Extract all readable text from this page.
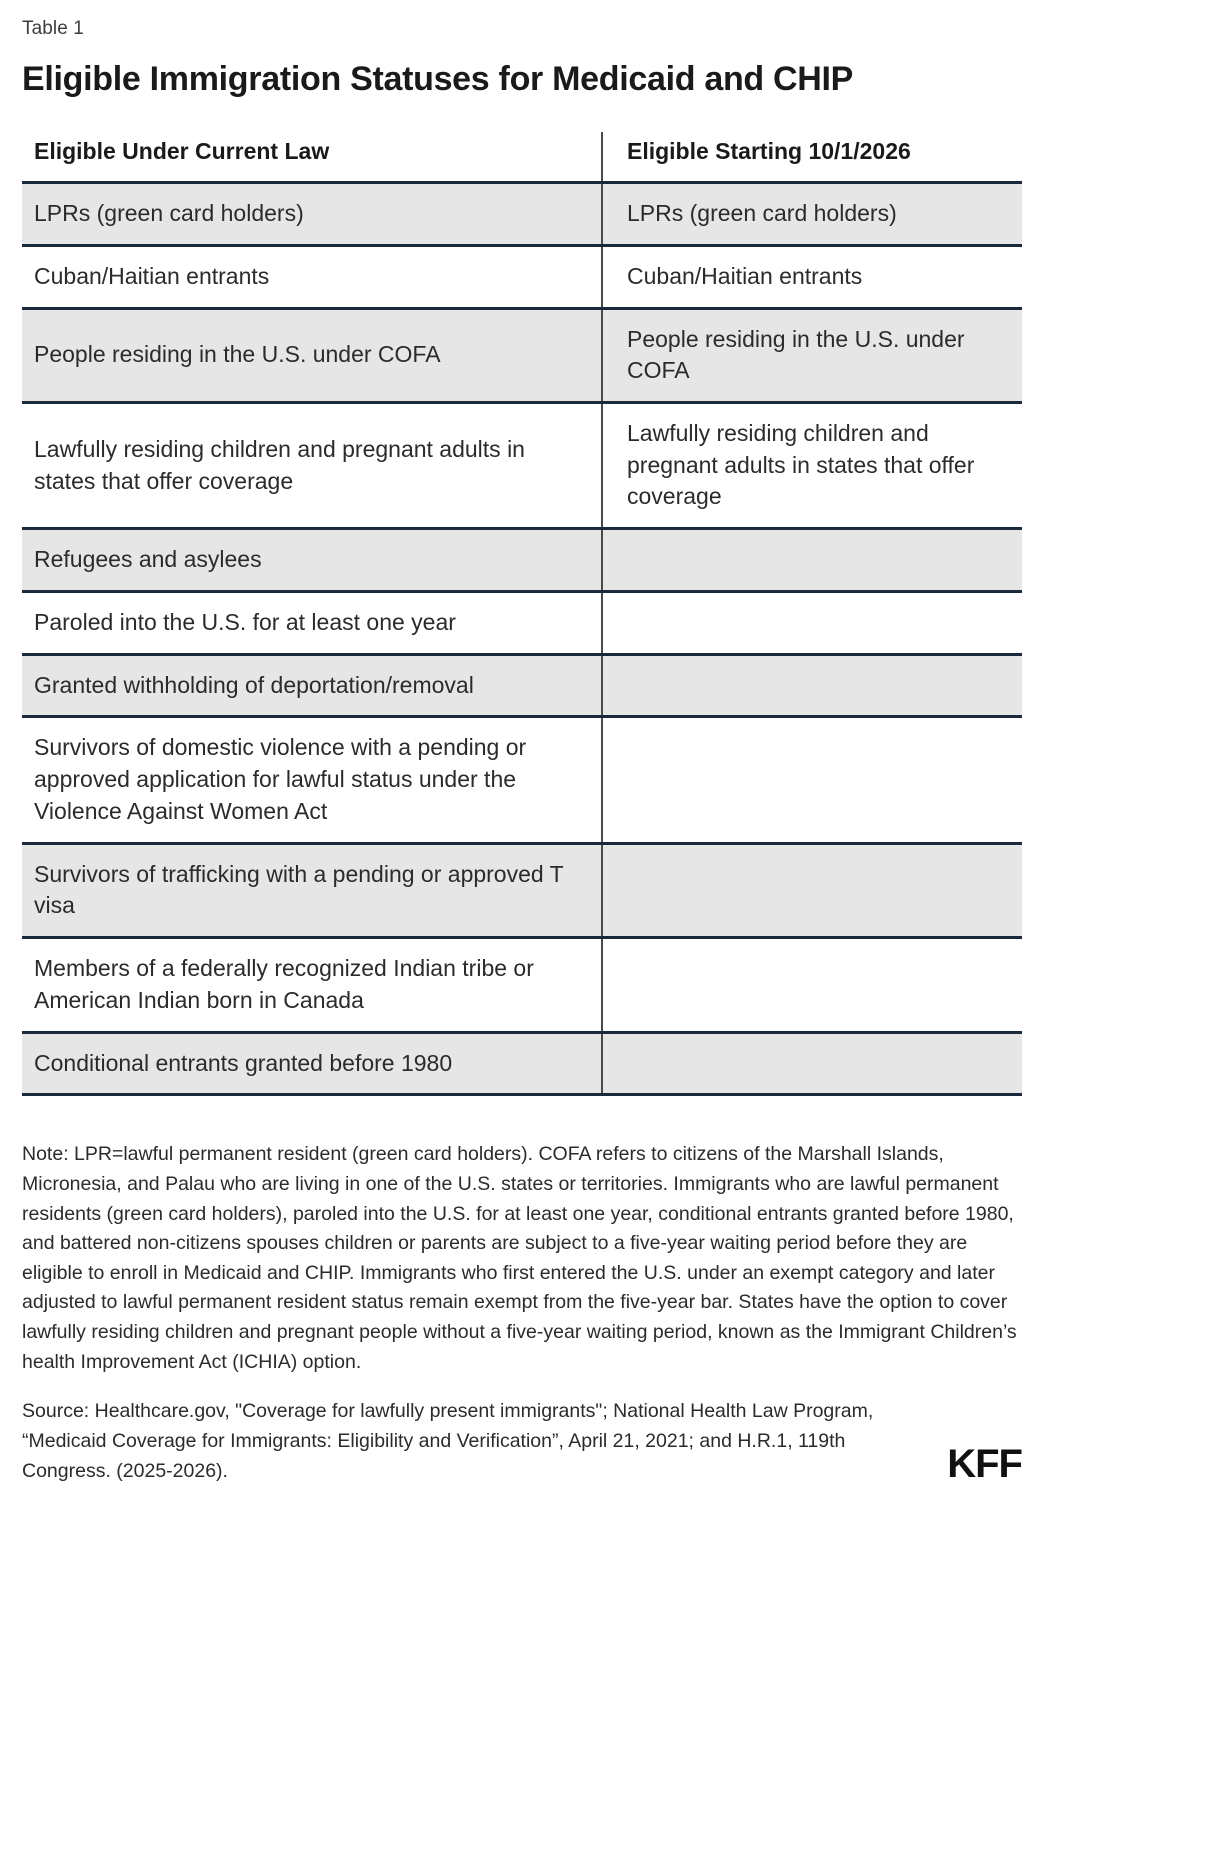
Table 1
Eligible Immigration Statuses for Medicaid and CHIP
Eligible Under Current Law	Eligible Starting 10/1/2026
LPRs (green card holders)	LPRs (green card holders)
Cuban/Haitian entrants	Cuban/Haitian entrants
People residing in the U.S. under COFA	People residing in the U.S. under COFA
Lawfully residing children and pregnant adults in states that offer coverage	Lawfully residing children and pregnant adults in states that offer coverage
Refugees and asylees	
Paroled into the U.S. for at least one year	
Granted withholding of deportation/removal	
Survivors of domestic violence with a pending or approved application for lawful status under the Violence Against Women Act	
Survivors of trafficking with a pending or approved T visa	
Members of a federally recognized Indian tribe or American Indian born in Canada	
Conditional entrants granted before 1980	

Note: LPR=lawful permanent resident (green card holders). COFA refers to citizens of the Marshall Islands, Micronesia, and Palau who are living in one of the U.S. states or territories. Immigrants who are lawful permanent residents (green card holders), paroled into the U.S. for at least one year, conditional entrants granted before 1980, and battered non-citizens spouses children or parents are subject to a five-year waiting period before they are eligible to enroll in Medicaid and CHIP. Immigrants who first entered the U.S. under an exempt category and later adjusted to lawful permanent resident status remain exempt from the five-year bar. States have the option to cover lawfully residing children and pregnant people without a five-year waiting period, known as the Immigrant Children’s health Improvement Act (ICHIA) option.

Source: Healthcare.gov, "Coverage for lawfully present immigrants"; National Health Law Program, “Medicaid Coverage for Immigrants: Eligibility and Verification”, April 21, 2021; and H.R.1, 119th Congress. (2025-2026).	KFF
